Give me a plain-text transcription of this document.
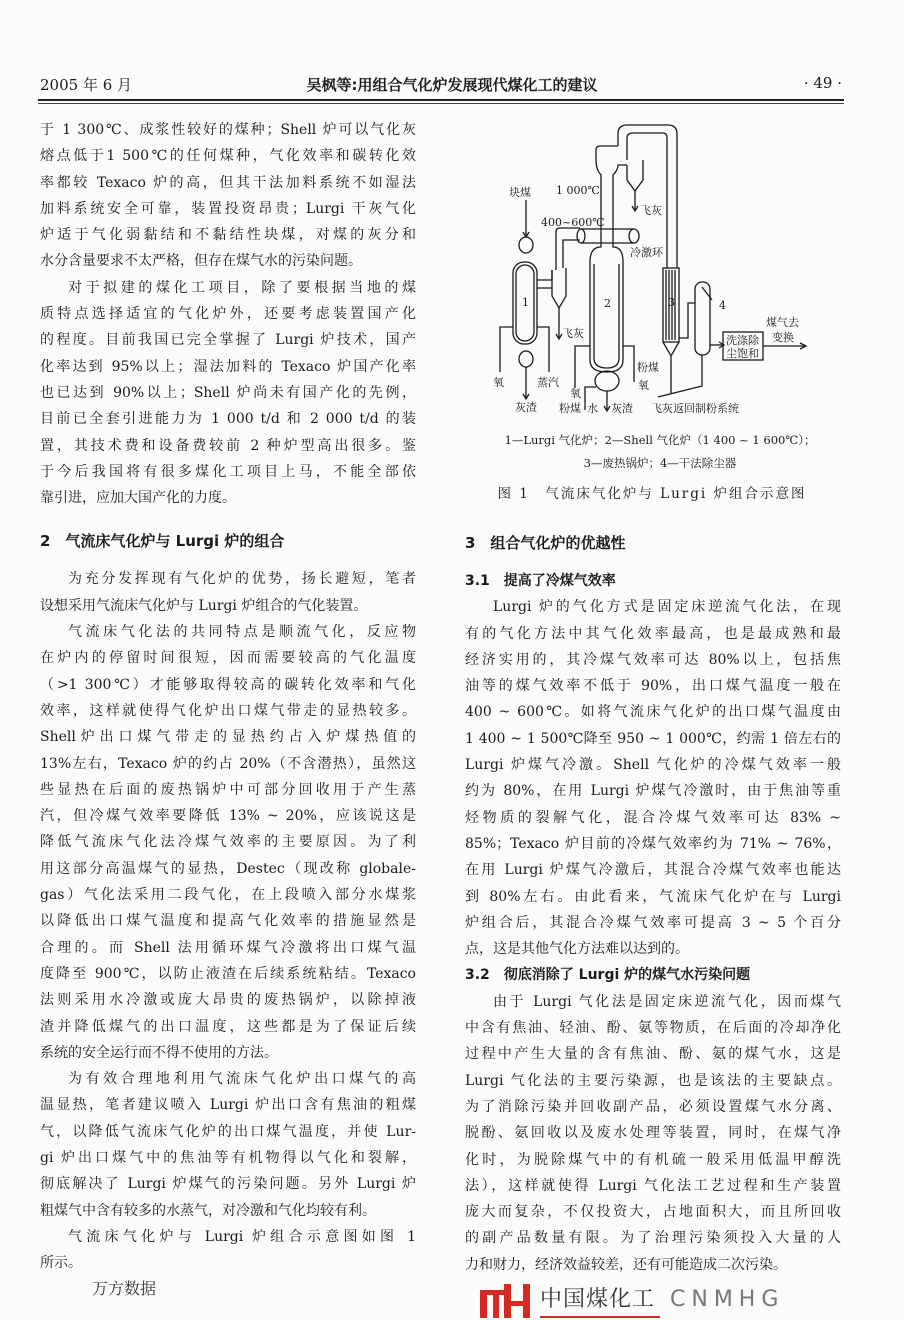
2005 年 6 月	吴枫等:用组合气化炉发展现代煤化工的建议	· 49 ·
于 1 300℃、成浆性较好的煤种；Shell 炉可以气化灰
熔点低于1 500℃的任何煤种，气化效率和碳转化效
率都较 Texaco 炉的高，但其干法加料系统不如湿法
加料系统安全可靠，装置投资昂贵；Lurgi 干灰气化
炉适于气化弱黏结和不黏结性块煤，对煤的灰分和
水分含量要求不太严格，但存在煤气水的污染问题。
对于拟建的煤化工项目，除了要根据当地的煤
质特点选择适宜的气化炉外，还要考虑装置国产化
的程度。目前我国已完全掌握了 Lurgi 炉技术，国产
化率达到 95%以上；湿法加料的 Texaco 炉国产化率
也已达到 90%以上；Shell 炉尚未有国产化的先例，
目前已全套引进能力为 1 000 t/d 和 2 000 t/d 的装
置，其技术费和设备费较前 2 种炉型高出很多。鉴
于今后我国将有很多煤化工项目上马，不能全部依
靠引进，应加大国产化的力度。
2　气流床气化炉与 Lurgi 炉的组合
为充分发挥现有气化炉的优势，扬长避短，笔者
设想采用气流床气化炉与 Lurgi 炉组合的气化装置。
气流床气化法的共同特点是顺流气化，反应物
在炉内的停留时间很短，因而需要较高的气化温度
（>1 300℃）才能够取得较高的碳转化效率和气化
效率，这样就使得气化炉出口煤气带走的显热较多。
Shell炉出口煤气带走的显热约占入炉煤热值的
13%左右，Texaco 炉的约占 20%（不含潜热），虽然这
些显热在后面的废热锅炉中可部分回收用于产生蒸
汽，但冷煤气效率要降低 13% ~ 20%，应该说这是
降低气流床气化法冷煤气效率的主要原因。为了利
用这部分高温煤气的显热，Destec（现改称 globale-
gas）气化法采用二段气化，在上段喷入部分水煤浆
以降低出口煤气温度和提高气化效率的措施显然是
合理的。而 Shell 法用循环煤气冷激将出口煤气温
度降至 900℃，以防止液渣在后续系统粘结。Texaco
法则采用水冷激或庞大昂贵的废热锅炉，以除掉液
渣并降低煤气的出口温度，这些都是为了保证后续
系统的安全运行而不得不使用的方法。
为有效合理地利用气流床气化炉出口煤气的高
温显热，笔者建议喷入 Lurgi 炉出口含有焦油的粗煤
气，以降低气流床气化炉的出口煤气温度，并使 Lur-
gi 炉出口煤气中的焦油等有机物得以气化和裂解，
彻底解决了 Lurgi 炉煤气的污染问题。另外 Lurgi 炉
粗煤气中含有较多的水蒸气，对冷激和气化均较有利。
气流床气化炉与 Lurgi 炉组合示意图如图 1
所示。
3　组合气化炉的优越性
3.1　提高了冷煤气效率
Lurgi 炉的气化方式是固定床逆流气化法，在现
有的气化方法中其气化效率最高，也是最成熟和最
经济实用的，其冷煤气效率可达 80%以上，包括焦
油等的煤气效率不低于 90%，出口煤气温度一般在
400 ~ 600℃。如将气流床气化炉的出口煤气温度由
1 400 ~ 1 500℃降至 950 ~ 1 000℃，约需 1 倍左右的
Lurgi 炉煤气冷激。Shell 气化炉的冷煤气效率一般
约为 80%，在用 Lurgi 炉煤气冷激时，由于焦油等重
烃物质的裂解气化，混合冷煤气效率可达 83% ~
85%；Texaco 炉目前的冷煤气效率约为 71% ~ 76%，
在用 Lurgi 炉煤气冷激后，其混合冷煤气效率也能达
到 80%左右。由此看来，气流床气化炉在与 Lurgi
炉组合后，其混合冷煤气效率可提高 3 ~ 5 个百分
点，这是其他气化方法难以达到的。
3.2　彻底消除了 Lurgi 炉的煤气水污染问题
由于 Lurgi 气化法是固定床逆流气化，因而煤气
中含有焦油、轻油、酚、氨等物质，在后面的冷却净化
过程中产生大量的含有焦油、酚、氨的煤气水，这是
Lurgi 气化法的主要污染源，也是该法的主要缺点。
为了消除污染并回收副产品，必须设置煤气水分离、
脱酚、氨回收以及废水处理等装置，同时，在煤气净
化时，为脱除煤气中的有机硫一般采用低温甲醇洗
法），这样就使得 Lurgi 气化法工艺过程和生产装置
庞大而复杂，不仅投资大，占地面积大，而且所回收
的副产品数量有限。为了治理污染须投入大量的人
力和财力，经济效益较差，还有可能造成二次污染。
块煤 1 000℃
400~600℃
飞灰
冷激环
1	2	3	4
飞灰
煤气去
变换
洗涤除
尘饱和
粉煤
氧
氧	蒸汽
灰渣
氧
粉煤 水 灰渣 飞灰返回制粉系统
1—Lurgi 气化炉；2—Shell 气化炉（1 400 ~ 1 600℃）；
3—废热锅炉；4—干法除尘器
图 1　气流床气化炉与 Lurgi 炉组合示意图
万方数据	中国煤化工 CNMHG
